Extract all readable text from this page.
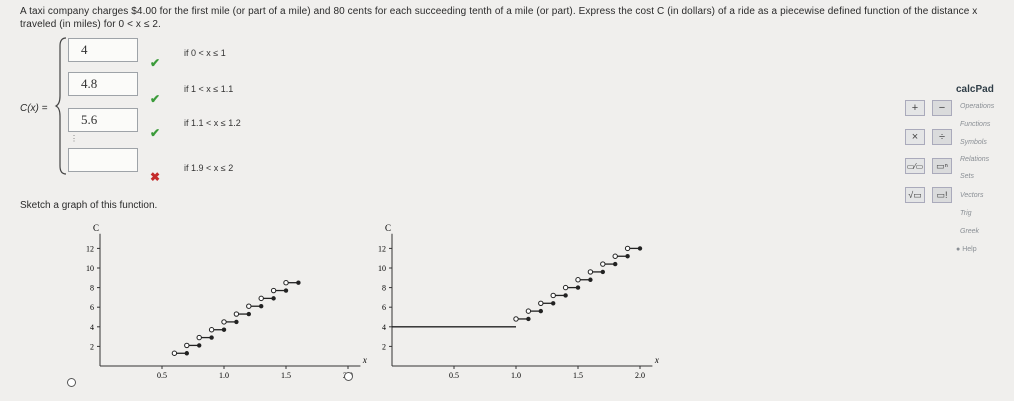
A taxi company charges $4.00 for the first mile (or part of a mile) and 80 cents for each succeeding tenth of a mile (or part). Express the cost C (in dollars) of a ride as a piecewise defined function of the distance x traveled (in miles) for 0 < x ≤ 2.
C(x) =
4
✔
if 0 < x ≤ 1
4.8
✔
if 1 < x ≤ 1.1
5.6
✔
if 1.1 < x ≤ 1.2
⋮
✖
if 1.9 < x ≤ 2
Sketch a graph of this function.
C
x
12
10
8
6
4
2
0.5	1.0	1.5
C
x
12
10
8
6
4
2
0.5	1.0	1.5	2.0
calcPad
+	−
×	÷
▭⁄▭	▭ⁿ
√▭	▭!
Operations
Functions
Symbols
Relations
Sets
Vectors
Trig
Greek
● Help
